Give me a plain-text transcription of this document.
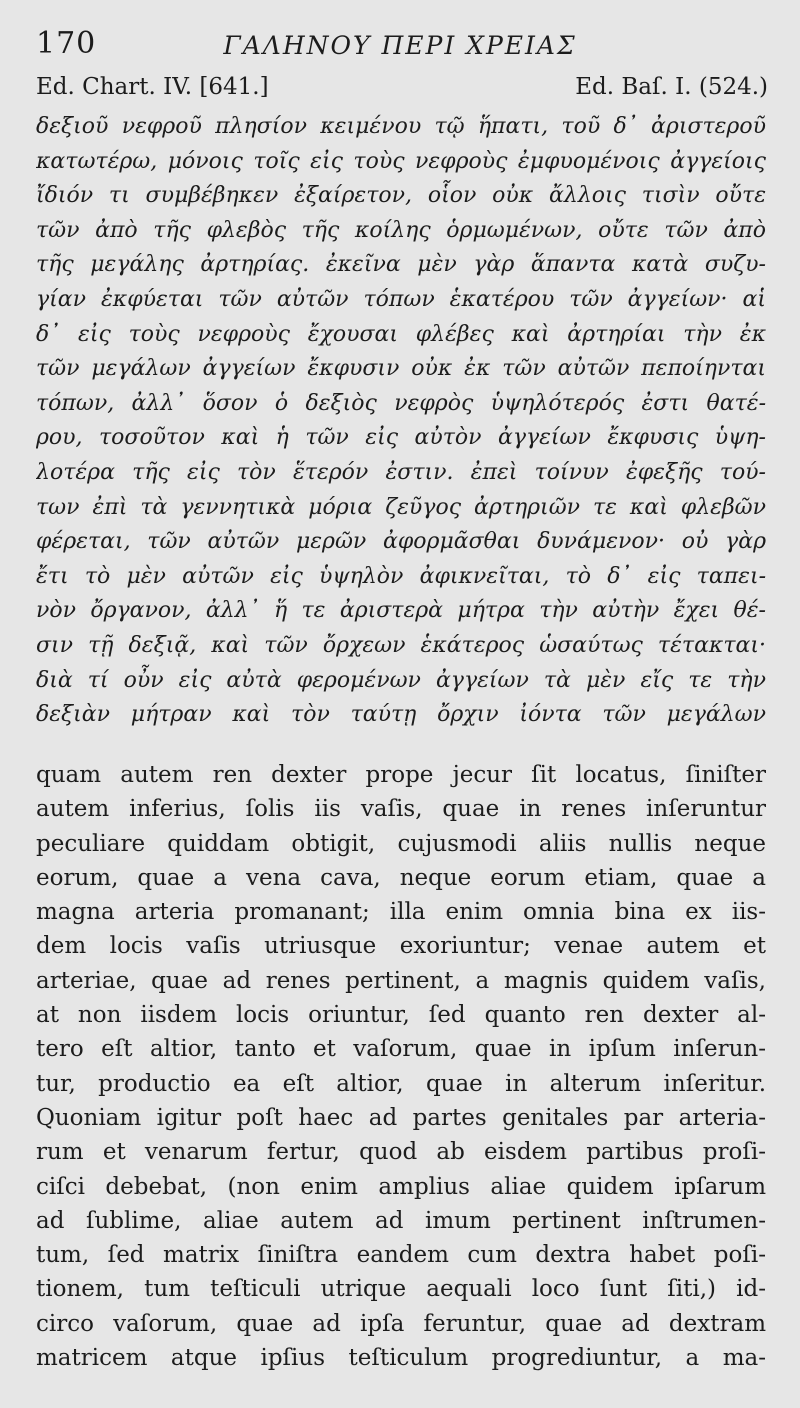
170	ΓΑΛΗΝΟΥ ΠΕΡΙ ΧΡΕΙΑΣ
Ed. Chart. IV. [641.]	Ed. Baſ. I. (524.)
δεξιοῦ νεφροῦ πλησίον κειμένου τῷ ἥπατι, τοῦ δ᾽ ἀριστεροῦ
κατωτέρω, μόνοις τοῖς εἰς τοὺς νεφροὺς ἐμφυομένοις ἀγγείοις
ἴδιόν τι συμβέβηκεν ἐξαίρετον, οἷον οὐκ ἄλλοις τισὶν οὔτε
τῶν ἀπὸ τῆς φλεβὸς τῆς κοίλης ὁρμωμένων, οὔτε τῶν ἀπὸ
τῆς μεγάλης ἀρτηρίας. ἐκεῖνα μὲν γὰρ ἅπαντα κατὰ συζυ-
γίαν ἐκφύεται τῶν αὐτῶν τόπων ἑκατέρου τῶν ἀγγείων· αἱ
δ᾽ εἰς τοὺς νεφροὺς ἔχουσαι φλέβες καὶ ἀρτηρίαι τὴν ἐκ
τῶν μεγάλων ἀγγείων ἔκφυσιν οὐκ ἐκ τῶν αὐτῶν πεποίηνται
τόπων, ἀλλ᾽ ὅσον ὁ δεξιὸς νεφρὸς ὑψηλότερός ἐστι θατέ-
ρου, τοσοῦτον καὶ ἡ τῶν εἰς αὐτὸν ἀγγείων ἔκφυσις ὑψη-
λοτέρα τῆς εἰς τὸν ἕτερόν ἐστιν. ἐπεὶ τοίνυν ἐφεξῆς τού-
των ἐπὶ τὰ γεννητικὰ μόρια ζεῦγος ἀρτηριῶν τε καὶ φλεβῶν
φέρεται, τῶν αὐτῶν μερῶν ἀφορμᾶσθαι δυνάμενον· οὐ γὰρ
ἔτι τὸ μὲν αὐτῶν εἰς ὑψηλὸν ἀφικνεῖται, τὸ δ᾽ εἰς ταπει-
νὸν ὄργανον, ἀλλ᾽ ἥ τε ἀριστερὰ μήτρα τὴν αὐτὴν ἔχει θέ-
σιν τῇ δεξιᾷ, καὶ τῶν ὄρχεων ἑκάτερος ὡσαύτως τέτακται·
διὰ τί οὖν εἰς αὐτὰ φερομένων ἀγγείων τὰ μὲν εἴς τε τὴν
δεξιὰν μήτραν καὶ τὸν ταύτῃ ὄρχιν ἰόντα τῶν μεγάλων
quam autem ren dexter prope jecur ſit locatus, ſiniſter
autem inferius, ſolis iis vaſis, quae in renes inſeruntur
peculiare quiddam obtigit, cujusmodi aliis nullis neque
eorum, quae a vena cava, neque eorum etiam, quae a
magna arteria promanant; illa enim omnia bina ex iis-
dem locis vaſis utriusque exoriuntur; venae autem et
arteriae, quae ad renes pertinent, a magnis quidem vaſis,
at non iisdem locis oriuntur, ſed quanto ren dexter al-
tero eſt altior, tanto et vaſorum, quae in ipſum inſerun-
tur, productio ea eſt altior, quae in alterum inſeritur.
Quoniam igitur poſt haec ad partes genitales par arteria-
rum et venarum fertur, quod ab eisdem partibus proſi-
ciſci debebat, (non enim amplius aliae quidem ipſarum
ad ſublime, aliae autem ad imum pertinent inſtrumen-
tum, ſed matrix ſiniſtra eandem cum dextra habet poſi-
tionem, tum teſticuli utrique aequali loco ſunt ſiti,) id-
circo vaſorum, quae ad ipſa feruntur, quae ad dextram
matricem atque ipſius teſticulum progrediuntur, a ma-
